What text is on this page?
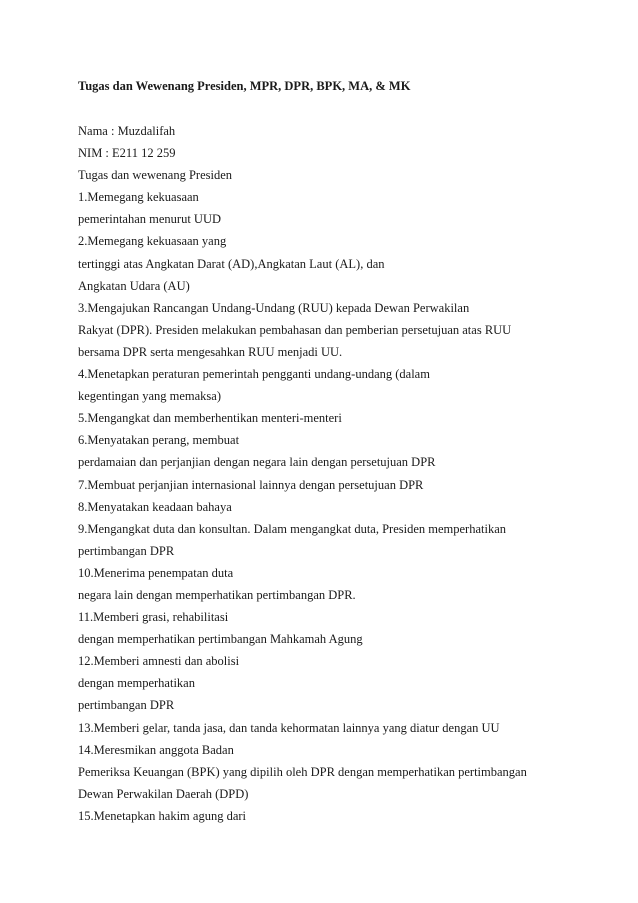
Tugas dan Wewenang Presiden, MPR, DPR, BPK, MA, & MK
Nama : Muzdalifah
NIM : E211 12 259
Tugas dan wewenang Presiden
1.Memegang kekuasaan
pemerintahan menurut UUD
2.Memegang kekuasaan yang
tertinggi atas Angkatan Darat (AD),Angkatan Laut (AL), dan
Angkatan Udara (AU)
3.Mengajukan Rancangan Undang-Undang (RUU) kepada Dewan Perwakilan
Rakyat (DPR). Presiden melakukan pembahasan dan pemberian persetujuan atas RUU
bersama DPR serta mengesahkan RUU menjadi UU.
4.Menetapkan peraturan pemerintah pengganti undang-undang (dalam
kegentingan yang memaksa)
5.Mengangkat dan memberhentikan menteri-menteri
6.Menyatakan perang, membuat
perdamaian dan perjanjian dengan negara lain dengan persetujuan DPR
7.Membuat perjanjian internasional lainnya dengan persetujuan DPR
8.Menyatakan keadaan bahaya
9.Mengangkat duta dan konsultan. Dalam mengangkat duta, Presiden memperhatikan
pertimbangan DPR
10.Menerima penempatan duta
negara lain dengan memperhatikan pertimbangan DPR.
11.Memberi grasi, rehabilitasi
dengan memperhatikan pertimbangan Mahkamah Agung
12.Memberi amnesti dan abolisi
dengan memperhatikan
pertimbangan DPR
13.Memberi gelar, tanda jasa, dan tanda kehormatan lainnya yang diatur dengan UU
14.Meresmikan anggota Badan
Pemeriksa Keuangan (BPK) yang dipilih oleh DPR dengan memperhatikan pertimbangan
Dewan Perwakilan Daerah (DPD)
15.Menetapkan hakim agung dari
